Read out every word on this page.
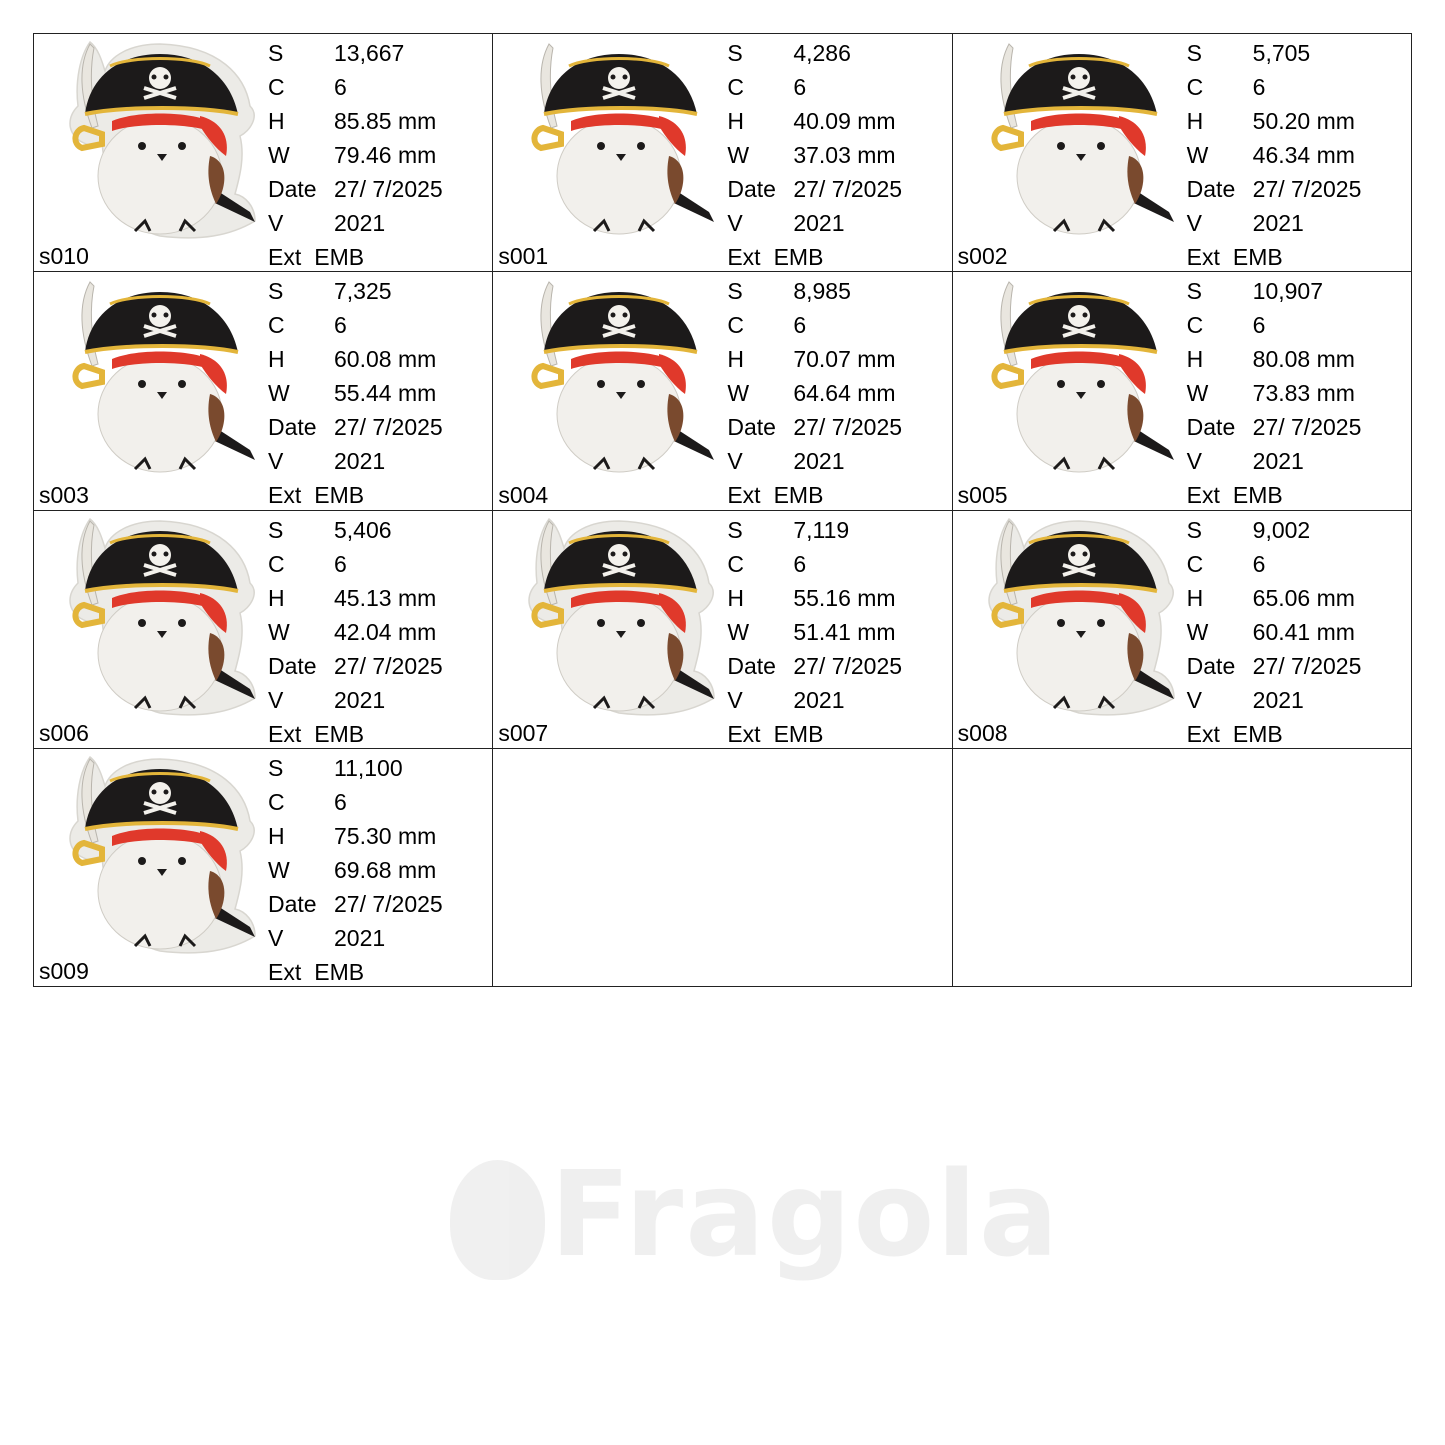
S	13,667
C	6
H	85.85 mm
W	79.46 mm
Date 27/ 7/2025
V	2021
Ext EMB
s010
S	4,286
C	6
H	40.09 mm
W	37.03 mm
Date 27/ 7/2025
V	2021
Ext EMB
s001
S	5,705
C	6
H	50.20 mm
W	46.34 mm
Date 27/ 7/2025
V	2021
Ext EMB
s002
S	7,325
C	6
H	60.08 mm
W	55.44 mm
Date 27/ 7/2025
V	2021
Ext EMB
s003
S	8,985
C	6
H	70.07 mm
W	64.64 mm
Date 27/ 7/2025
V	2021
Ext EMB
s004
S	10,907
C	6
H	80.08 mm
W	73.83 mm
Date 27/ 7/2025
V	2021
Ext EMB
s005
S	5,406
C	6
H	45.13 mm
W	42.04 mm
Date 27/ 7/2025
V	2021
Ext EMB
s006
S	7,119
C	6
H	55.16 mm
W	51.41 mm
Date 27/ 7/2025
V	2021
Ext EMB
s007
S	9,002
C	6
H	65.06 mm
W	60.41 mm
Date 27/ 7/2025
V	2021
Ext EMB
s008
S	11,100
C	6
H	75.30 mm
W	69.68 mm
Date 27/ 7/2025
V	2021
Ext EMB
s009
Fragola
